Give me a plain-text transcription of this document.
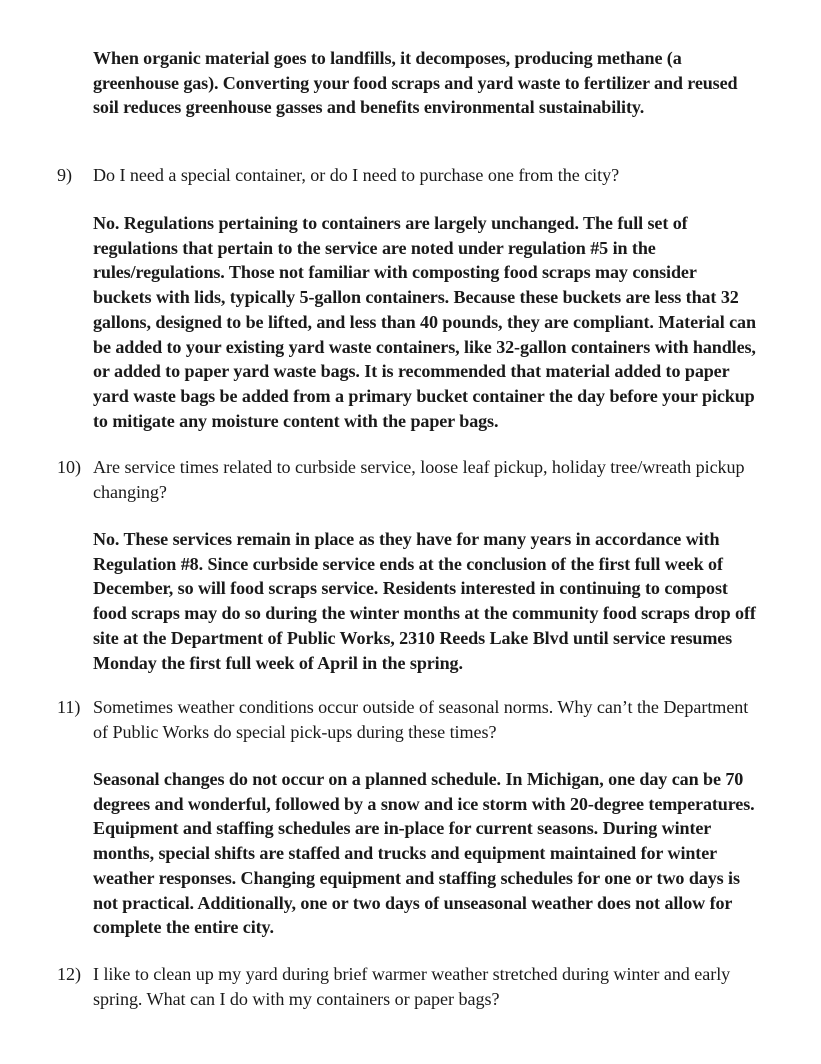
When organic material goes to landfills, it decomposes, producing methane (a greenhouse gas). Converting your food scraps and yard waste to fertilizer and reused soil reduces greenhouse gasses and benefits environmental sustainability.
9)	Do I need a special container, or do I need to purchase one from the city?
No. Regulations pertaining to containers are largely unchanged. The full set of regulations that pertain to the service are noted under regulation #5 in the rules/regulations. Those not familiar with composting food scraps may consider buckets with lids, typically 5-gallon containers. Because these buckets are less that 32 gallons, designed to be lifted, and less than 40 pounds, they are compliant. Material can be added to your existing yard waste containers, like 32-gallon containers with handles, or added to paper yard waste bags. It is recommended that material added to paper yard waste bags be added from a primary bucket container the day before your pickup to mitigate any moisture content with the paper bags.
10) Are service times related to curbside service, loose leaf pickup, holiday tree/wreath pickup changing?
No. These services remain in place as they have for many years in accordance with Regulation #8. Since curbside service ends at the conclusion of the first full week of December, so will food scraps service. Residents interested in continuing to compost food scraps may do so during the winter months at the community food scraps drop off site at the Department of Public Works, 2310 Reeds Lake Blvd until service resumes Monday the first full week of April in the spring.
11) Sometimes weather conditions occur outside of seasonal norms. Why can’t the Department of Public Works do special pick-ups during these times?
Seasonal changes do not occur on a planned schedule. In Michigan, one day can be 70 degrees and wonderful, followed by a snow and ice storm with 20-degree temperatures. Equipment and staffing schedules are in-place for current seasons. During winter months, special shifts are staffed and trucks and equipment maintained for winter weather responses. Changing equipment and staffing schedules for one or two days is not practical. Additionally, one or two days of unseasonal weather does not allow for complete the entire city.
12) I like to clean up my yard during brief warmer weather stretched during winter and early spring. What can I do with my containers or paper bags?
